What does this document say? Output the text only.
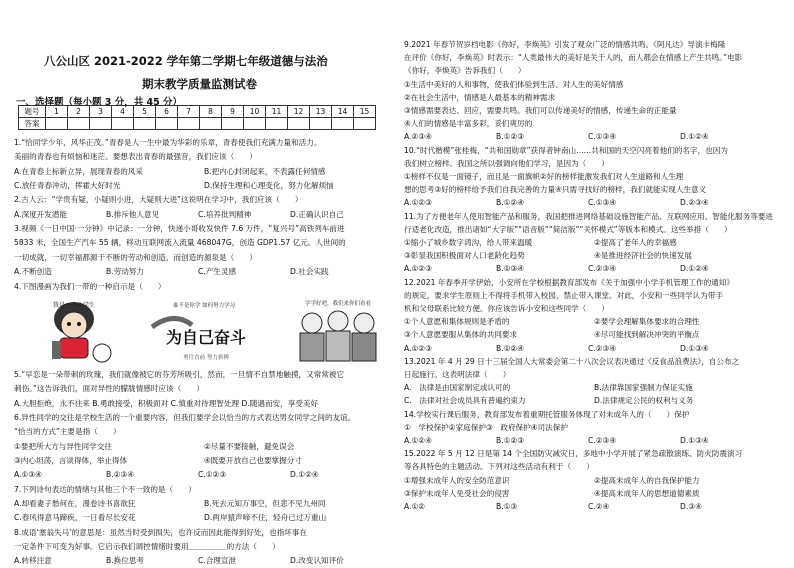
八公山区 2021-2022 学年第二学期七年级道德与法治
期末教学质量监测试卷
一、选择题（每小题 3 分，共 45 分）
题号	1	2	3	4	5	6	7	8	9	10	11	12	13	14	15
答案															
1.“恰同学少年，风华正茂。”青春是人一生中最为华彩的乐章，青春使我们充满力量和活力。
美丽的青春也有烦恼和迷茫。要想表出青春的最强音，我们应该（　　）
A.在青春上标新立异，展现青春的风采	B.把内心封闭起来，不表露任何情感
C.放任青春冲动，挥霍大好时光	D.保持生理和心理变化，努力化解烦恼
2.古人云：“学贵有疑，小疑则小进，大疑则大进”这说明在学习中，我们应该（　　）
A.深度开发潜能	B.排斥他人意见	C.培养批判精神	D.正确认识自己
3.视频《一日中国·一分钟》中记录：一分钟，快递小哥收发快件 7.6 万件，“复兴号”高铁列车前进
5833 米，全国生产汽车 55 辆，移动互联网流入流量 468047G，创造 GDP1.57 亿元。人世间的
一切成就，一切幸福都源于不断的劳动和创造，而创造的源泉是（　　）
A.不断创造	B.劳动努力	C.产生灵感	D.社会实践
4.下图漫画为我们一带的一种启示是（　　）
5.“早恋是一朵带刺的玫瑰，我们就像被它的芬芳所吸引，然而，一旦情不自禁地触摸，又常常被它
刺伤。”这告诉我们，面对异性的朦胧情感时应该（　　）
A.大胆拒绝，永不往来 B.勇敢接受，积极面对 C.慎重对待理智处理 D.随遇而安，享受美好
6.异性同学的交往是学校生活的一个重要内容，但我们要学会以恰当的方式表达男女同学之间的友谊。
“恰当的方式”主要是指（　　）
①要把所大方与异性同学交往	②尽量不要接触，避免误会
③内心坦荡，言谈得体，举止得体	④既要开放自己也要掌握分寸
A.①③④	B.②③④	C.①②③	D.①②④
7.下列诗句表达的情绪与其他三个不一致的是（　　）
A.却看妻子愁何在，漫卷诗书喜欲狂	B.死去元知万事空，但悲不见九州同
C.春风得意马蹄疾，一日看尽长安花	D.两岸猿声啼不住，轻舟已过万重山
8.成语‘塞翁失马’的意思是：虽然当时受到损失，也许反而因此能得到好处，也指坏事在
一定条件下可变为好事。它启示我们调控情绪时要用＿＿＿＿＿的方法（　　）
A.转移注意	B.换位思考	C.合理宣泄	D.改变认知评价
我是一个小学生	谁不是你学 如何努力学习
为自己奋斗
勇往直前 努力拼搏
学学好吧，我们来你们看看
9.2021 年春节贺岁档电影《你好，李焕英》引发了观众广泛的情感共鸣。《阿凡达》导演卡梅隆
在评价《你好，李焕英》时表示：“人类最伟大的美好是关于人的，而人都会在情感上产生共鸣。”电影
《你好，李焕英》告诉我们（　　）
①生活中美好的人和事物，使我们体验到生活、对人生的美好情感
②在社会生活中，情感是人最基本的精神需求
③情感需要表达、回应，需要共鸣。我们可以传递美好的情感，传递生命的正能量
④人们的情感是丰富多彩，妥们爽厉的
A.②③④	B.①②③	C.①③④	D.①②④
10.“时代楷模”张桂梅，“共和国勋章”获得者钟南山……共和国的天空闪亮着他们的名字，也因为
我们树立榜样。我国之所以强调向他们学习，是因为（　　）
①榜样不仅是一面镜子，而且是一面旗帜②好的榜样能激发我们对人生道路和人生理
想的思考③好的榜样给予我们自我完善的力量④只需寻找好的榜样，我们就能实现人生意义
A.①②③	B.①②④	C.①③④	D.②③④
11.为了方便老年人使用智能产品和服务，我国把推进网络基础设施智能产品、互联网应用、智能化服务等要进
行适老化改造，推出诸如“大字版”“语音版”“简洁版”“关怀模式”等版本和模式。这些举措（　　）
①缩小了城乡数字鸿沟，给人带来温暖	②提高了老年人的幸福感
③彰显我国积极面对人口老龄化趋势	④是推进经济社会的快速发展
A.①②③	B.①③④	C.②③④	D.①②④
12.2021 年春季开学伊始，小安所在学校根据教育部发布《关于加强中小学手机管理工作的通知》
的规定，要求学生原则上不得将手机带入校园，禁止带入课堂。对此，小安和一些同学认为带手
机和父母联系比较方便。你应该告诉小安和这些同学（　　）
①个人意愿和集体规则是矛盾的	②要学会理解集体要求的合理性
③个人意愿要服从集体的共同要求	④尽可能找到解决冲突的平衡点
A.①②③	B.①②④	C.②③④	D.①③④
13.2021 年 4 月 29 日十三届全国人大常委会第二十八次会议表决通过《反食品浪费法》，自公布之
日起施行。这表明法律（　　）
A.　法律是由国家制定或认可的	B.法律靠国家强制力保证实施
C.　法律对社会成员具有普遍约束力	D.法律规定公民的权利与义务
14.学校实行课后服务，教育部发布着重期托管服务体现了对未成年人的（　　）保护
①　学校保护②家庭保护③　政府保护④司法保护
A.①②④	B.①②③	C.②③④	D.①③④
15.2022 年 5 月 12 日是第 14 个全国防灾减灾日，多地中小学开展了紧急疏散演练、防火防震演习
等各具特色的主题活动。下列对这些活动有利于（　　）
①增强未成年人的安全防范意识	②提高未成年人的自我保护能力
③保护未成年人免受社会的侵害	④提高未成年人的思想道德素质
A.①②	B.①③	C.②④	D.③④
